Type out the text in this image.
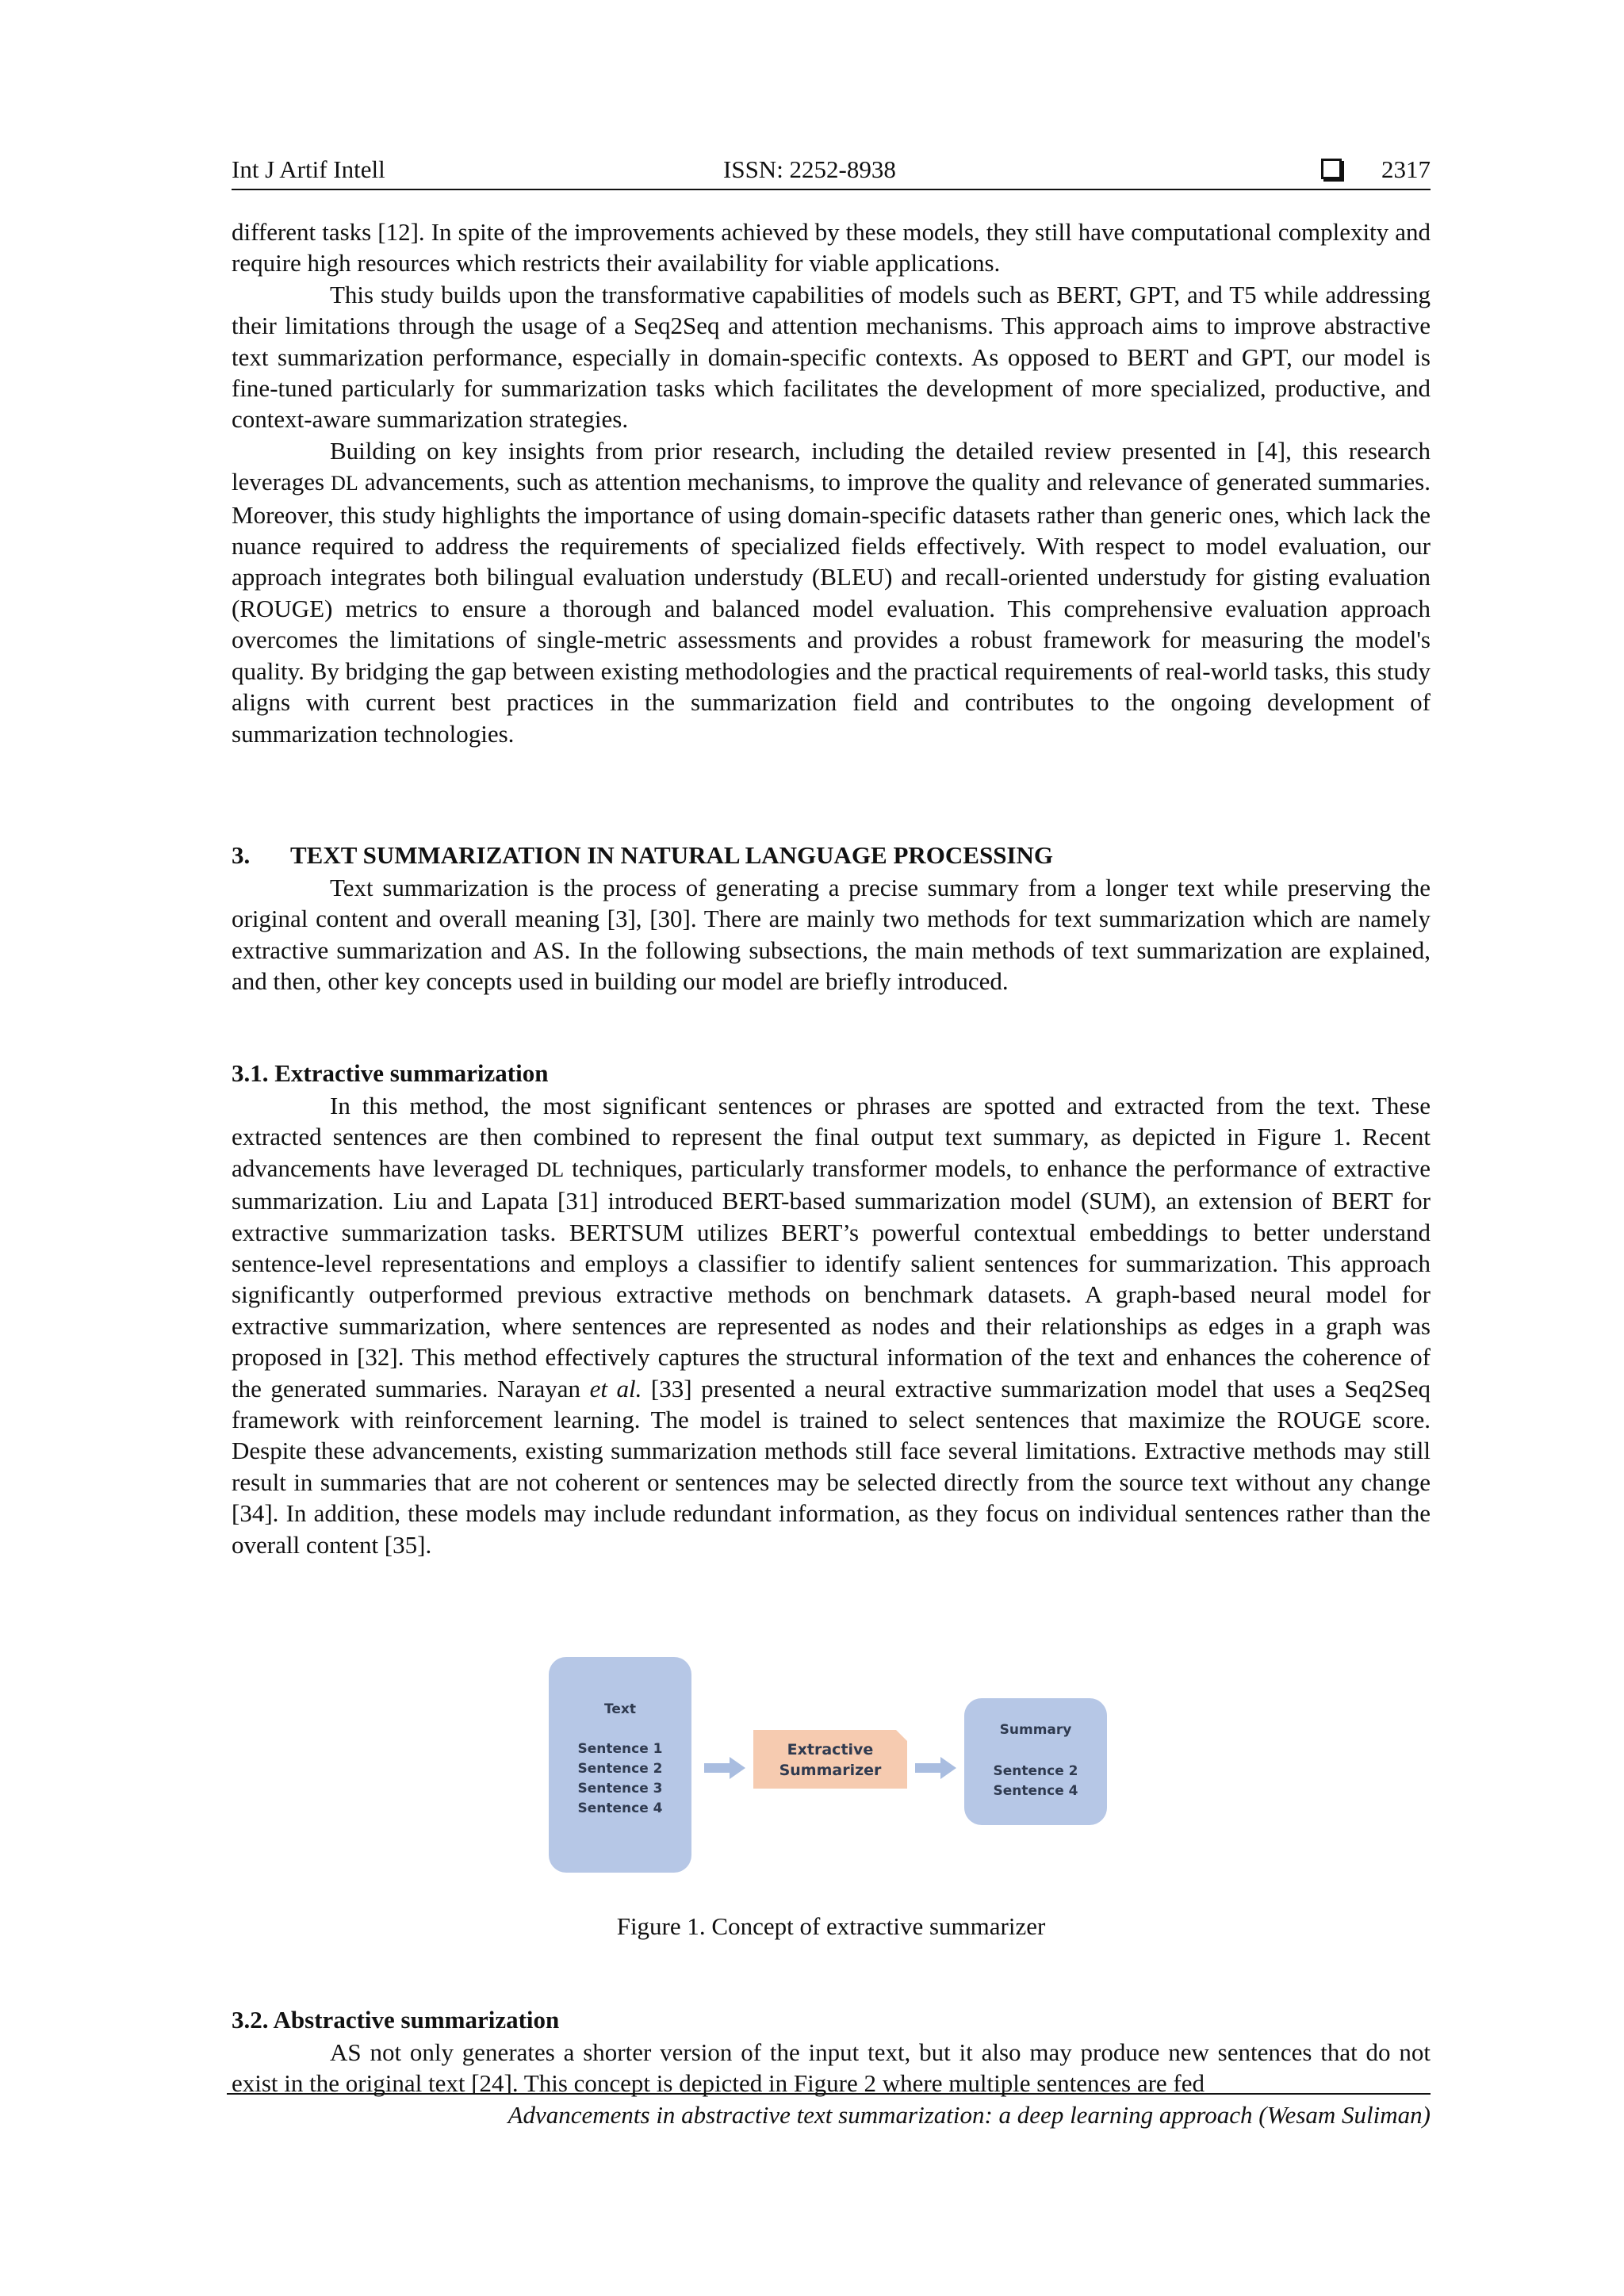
Int J Artif Intell	ISSN: 2252-8938	2317

different tasks [12]. In spite of the improvements achieved by these models, they still have computational complexity and require high resources which restricts their availability for viable applications.

This study builds upon the transformative capabilities of models such as BERT, GPT, and T5 while addressing their limitations through the usage of a Seq2Seq and attention mechanisms. This approach aims to improve abstractive text summarization performance, especially in domain-specific contexts. As opposed to BERT and GPT, our model is fine-tuned particularly for summarization tasks which facilitates the development of more specialized, productive, and context-aware summarization strategies.

Building on key insights from prior research, including the detailed review presented in [4], this research leverages DL advancements, such as attention mechanisms, to improve the quality and relevance of generated summaries. Moreover, this study highlights the importance of using domain-specific datasets rather than generic ones, which lack the nuance required to address the requirements of specialized fields effectively. With respect to model evaluation, our approach integrates both bilingual evaluation understudy (BLEU) and recall-oriented understudy for gisting evaluation (ROUGE) metrics to ensure a thorough and balanced model evaluation. This comprehensive evaluation approach overcomes the limitations of single-metric assessments and provides a robust framework for measuring the model's quality. By bridging the gap between existing methodologies and the practical requirements of real-world tasks, this study aligns with current best practices in the summarization field and contributes to the ongoing development of summarization technologies.

3. TEXT SUMMARIZATION IN NATURAL LANGUAGE PROCESSING

Text summarization is the process of generating a precise summary from a longer text while preserving the original content and overall meaning [3], [30]. There are mainly two methods for text summarization which are namely extractive summarization and AS. In the following subsections, the main methods of text summarization are explained, and then, other key concepts used in building our model are briefly introduced.

3.1. Extractive summarization

In this method, the most significant sentences or phrases are spotted and extracted from the text. These extracted sentences are then combined to represent the final output text summary, as depicted in Figure 1. Recent advancements have leveraged DL techniques, particularly transformer models, to enhance the performance of extractive summarization. Liu and Lapata [31] introduced BERT-based summarization model (SUM), an extension of BERT for extractive summarization tasks. BERTSUM utilizes BERT’s powerful contextual embeddings to better understand sentence-level representations and employs a classifier to identify salient sentences for summarization. This approach significantly outperformed previous extractive methods on benchmark datasets. A graph-based neural model for extractive summarization, where sentences are represented as nodes and their relationships as edges in a graph was proposed in [32]. This method effectively captures the structural information of the text and enhances the coherence of the generated summaries. Narayan et al. [33] presented a neural extractive summarization model that uses a Seq2Seq framework with reinforcement learning. The model is trained to select sentences that maximize the ROUGE score. Despite these advancements, existing summarization methods still face several limitations. Extractive methods may still result in summaries that are not coherent or sentences may be selected directly from the source text without any change [34]. In addition, these models may include redundant information, as they focus on individual sentences rather than the overall content [35].

Text
Sentence 1
Sentence 2
Sentence 3
Sentence 4
Extractive
Summarizer
Summary
Sentence 2
Sentence 4
Figure 1. Concept of extractive summarizer
3.2. Abstractive summarization

AS not only generates a shorter version of the input text, but it also may produce new sentences that do not exist in the original text [24]. This concept is depicted in Figure 2 where multiple sentences are fed

Advancements in abstractive text summarization: a deep learning approach (Wesam Suliman)
